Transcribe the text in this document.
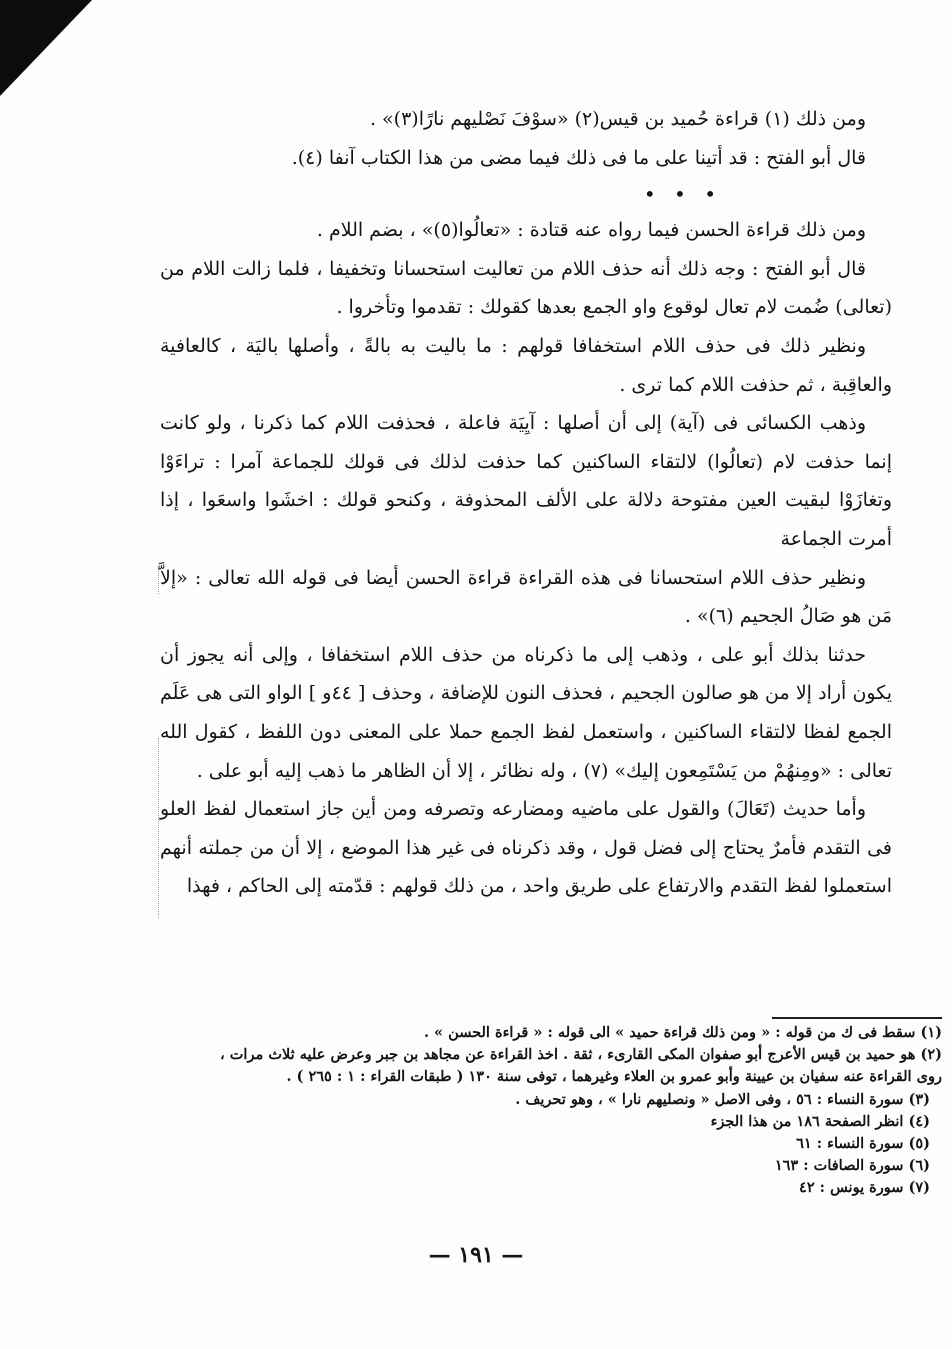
ومن ذلك (١) قراءة حُميد بن قيس(٢) «سوْفَ نَصْليهم نارًا(٣)» .

قال أبو الفتح : قد أتينا على ما فى ذلك فيما مضى من هذا الكتاب آنفا (٤).

• • •

ومن ذلك قراءة الحسن فيما رواه عنه قتادة : «تعالُوا(٥)» ، بضم اللام .

قال أبو الفتح : وجه ذلك أنه حذف اللام من تعاليت استحسانا وتخفيفا ، فلما زالت اللام من (تعالى) ضُمت لام تعال لوقوع واو الجمع بعدها كقولك : تقدموا وتأخروا .

ونظير ذلك فى حذف اللام استخفافا قولهم : ما باليت به بالةً ، وأصلها باليَة ، كالعافية والعاقِبة ، ثم حذفت اللام كما ترى .

وذهب الكسائى فى (آية) إلى أن أصلها : آيِيَة فاعلة ، فحذفت اللام كما ذكرنا ، ولو كانت إنما حذفت لام (تعالُوا) لالتقاء الساكنين كما حذفت لذلك فى قولك للجماعة آمرا : تراءَوْا وتغازَوْا لبقيت العين مفتوحة دلالة على الألف المحذوفة ، وكنحو قولك : اخشَوا واسعَوا ، إذا أمرت الجماعة

ونظير حذف اللام استحسانا فى هذه القراءة قراءة الحسن أيضا فى قوله الله تعالى : «إلاَّ مَن هو صَالُ الجحيم (٦)» .

حدثنا بذلك أبو على ، وذهب إلى ما ذكرناه من حذف اللام استخفافا ، وإلى أنه يجوز أن يكون أراد إلا من هو صالون الجحيم ، فحذف النون للإضافة ، وحذف [ ٤٤و ] الواو التى هى عَلَم الجمع لفظا لالتقاء الساكنين ، واستعمل لفظ الجمع حملا على المعنى دون اللفظ ، كقول الله تعالى : «ومِنهُمْ من يَسْتَمِعون إليك» (٧) ، وله نظائر ، إلا أن الظاهر ما ذهب إليه أبو على .

وأما حديث (تَعَالَ) والقول على ماضيه ومضارعه وتصرفه ومن أين جاز استعمال لفظ العلو فى التقدم فأمرٌ يحتاج إلى فضل قول ، وقد ذكرناه فى غير هذا الموضع ، إلا أن من جملته أنهم استعملوا لفظ التقدم والارتفاع على طريق واحد ، من ذلك قولهم : قدّمته إلى الحاكم ، فهذا

(١) سقط فى ك من قوله : « ومن ذلك قراءة حميد » الى قوله : « قراءة الحسن » .

(٢) هو حميد بن قيس الأعرج أبو صفوان المكى القارىء ، ثقة . اخذ القراءة عن مجاهد بن جبر وعرض عليه ثلاث مرات ، روى القراءة عنه سفيان بن عيينة وأبو عمرو بن العلاء وغيرهما ، توفى سنة ١٣٠ ( طبقات القراء : ١ : ٢٦٥ ) .

(٣) سورة النساء : ٥٦ ، وفى الاصل « ونصليهم نارا » ، وهو تحريف .

(٤) انظر الصفحة ١٨٦ من هذا الجزء

(٥) سورة النساء : ٦١

(٦) سورة الصافات : ١٦٣

(٧) سورة يونس : ٤٢

— ١٩١ —
